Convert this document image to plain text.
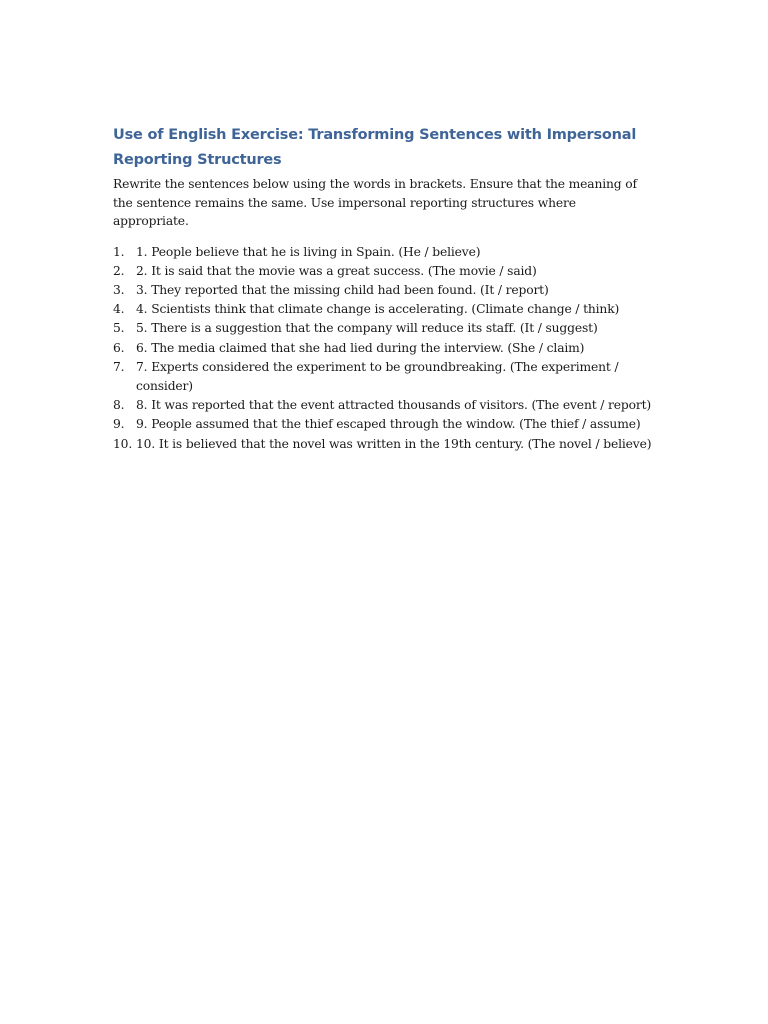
Use of English Exercise: Transforming Sentences with Impersonal Reporting Structures

Rewrite the sentences below using the words in brackets. Ensure that the meaning of the sentence remains the same. Use impersonal reporting structures where appropriate.

1. 1. People believe that he is living in Spain. (He / believe)
2. 2. It is said that the movie was a great success. (The movie / said)
3. 3. They reported that the missing child had been found. (It / report)
4. 4. Scientists think that climate change is accelerating. (Climate change / think)
5. 5. There is a suggestion that the company will reduce its staff. (It / suggest)
6. 6. The media claimed that she had lied during the interview. (She / claim)
7. 7. Experts considered the experiment to be groundbreaking. (The experiment / consider)
8. 8. It was reported that the event attracted thousands of visitors. (The event / report)
9. 9. People assumed that the thief escaped through the window. (The thief / assume)
10. 10. It is believed that the novel was written in the 19th century. (The novel / believe)
